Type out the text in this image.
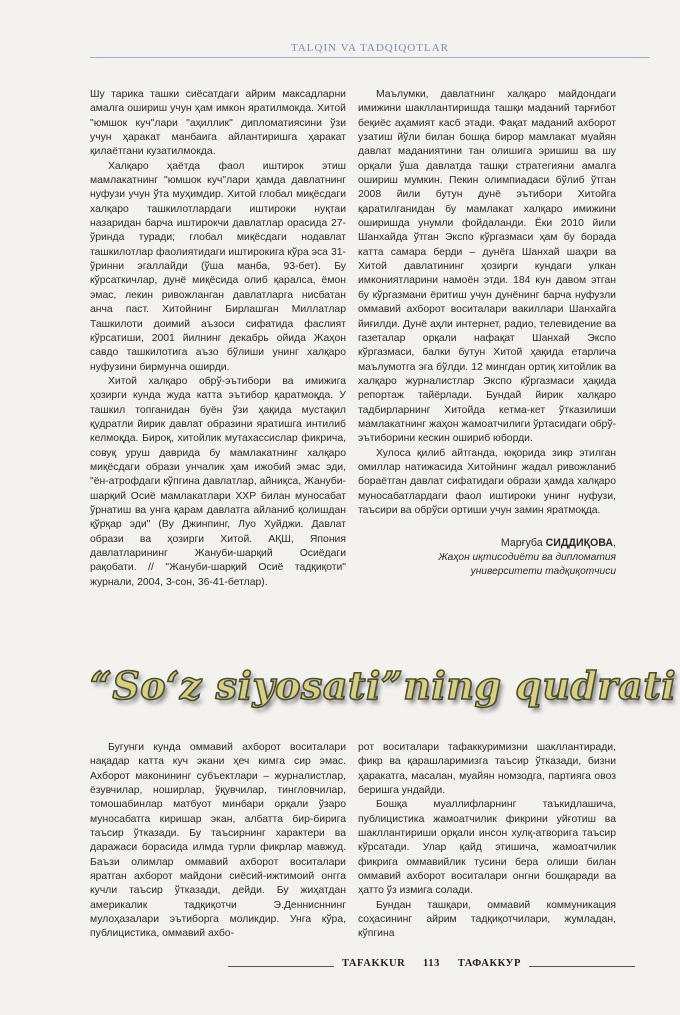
TALQIN VA TADQIQOTLAR

Шу тарика ташки сиёсатдаги айрим максадларни амалга ошириш учун ҳам имкон яратилмокда. Хитой "юмшок куч"лари "аҳиллик" дипломатиясини ўзи учун ҳаракат манбаига айлантиришга ҳаракат қилаётгани кузатилмокда.

Халқаро ҳаётда фаол иштирок этиш мамлакатнинг "юмшок куч"лари ҳамда давлатнинг нуфузи учун ўта муҳимдир. Хитой глобал миқёсдаги халқаро ташкилотлардаги иштироки нуқтаи назаридан барча иштирокчи давлатлар орасида 27-ўринда туради; глобал миқёсдаги нодавлат ташкилотлар фаолиятидаги иштирокига кўра эса 31-ўринни эгаллайди (ўша манба, 93-бет). Бу кўрсаткичлар, дунё миқёсида олиб қаралса, ёмон эмас, лекин ривожланган давлатларга нисбатан анча паст. Хитойнинг Бирлашган Миллатлар Ташкилоти доимий аъзоси сифатида фаслият кўрсатиши, 2001 йилнинг декабрь ойида Жаҳон савдо ташкилотига аъзо бўлиши унинг халқаро нуфузини бирмунча оширди.

Хитой халқаро обрў-эътибори ва имижига ҳозирги кунда жуда катта эътибор қаратмоқда. У ташкил топганидан буён ўзи ҳақида мустақил қудратли йирик давлат образини яратишга интилиб келмоқда. Бироқ, хитойлик мутахассислар фикрича, совуқ уруш даврида бу мамлакатнинг халқаро миқёсдаги образи унчалик ҳам ижобий эмас эди, "ён-атрофдаги кўпгина давлатлар, айниқса, Жануби-шарқий Осиё мамлакатлари ХХР билан муносабат ўрнатиш ва унга қарам давлатга айланиб қолишдан қўрқар эди" (Ву Джинпинг, Луо Хуйджи. Давлат образи ва ҳозирги Хитой. АҚШ, Япония давлатларининг Жануби-шарқий Осиёдаги рақобати. // "Жануби-шарқий Осиё тадқиқоти" журнали, 2004, 3-сон, 36-41-бетлар).

Маълумки, давлатнинг халқаро майдондаги имижини шакллантиришда ташқи маданий тарғибот беқиёс аҳамият касб этади. Фақат маданий ахборот узатиш йўли билан бошқа бирор мамлакат муайян давлат маданиятини тан олишига эришиш ва шу орқали ўша давлатда ташқи стратегияни амалга ошириш мумкин. Пекин олимпиадаси бўлиб ўтган 2008 йили бутун дунё эътибори Хитойга қаратилганидан бу мамлакат халқаро имижини оширишда унумли фойдаланди. Ёки 2010 йили Шанхайда ўтган Экспо кўргазмаси ҳам бу борада катта самара берди – дунёга Шанхай шаҳри ва Хитой давлатининг ҳозирги кундаги улкан имкониятларини намоён этди. 184 кун давом этган бу кўргазмани ёритиш учун дунёнинг барча нуфузли оммавий ахборот воситалари вакиллари Шанхайга йиғилди. Дунё аҳли интернет, радио, телевидение ва газеталар орқали нафақат Шанхай Экспо кўргазмаси, балки бутун Хитой ҳақида етарлича маълумотга эга бўлди. 12 мингдан ортиқ хитойлик ва халқаро журналистлар Экспо кўргазмаси ҳақида репортаж тайёрлади. Бундай йирик халқаро тадбирларнинг Хитойда кетма-кет ўтказилиши мамлакатнинг жаҳон жамоатчилиги ўртасидаги обрў-эътиборини кескин ошириб юборди.

Хулоса қилиб айтганда, юқорида зикр этилган омиллар натижасида Хитойнинг жадал ривожланиб бораётган давлат сифатидаги образи ҳамда халқаро муносабатлардаги фаол иштироки унинг нуфузи, таъсири ва обрўси ортиши учун замин яратмоқда.

Марғуба СИДДИҚОВА,
Жаҳон иқтисодиёти ва дипломатия
университети тадқиқотчиси
“So‘z siyosati”ning qudrati

Бугунги кунда оммавий ахборот воситалари нақадар катта куч экани ҳеч кимга сир эмас. Ахборот маконининг субъектлари – журналистлар, ёзувчилар, ноширлар, ўқувчилар, тингловчилар, томошабинлар матбуот минбари орқали ўзаро муносабатга киришар экан, албатта бир-бирига таъсир ўтказади. Бу таъсирнинг характери ва даражаси борасида илмда турли фикрлар мавжуд. Баъзи олимлар оммавий ахборот воситалари яратган ахборот майдони сиёсий-ижтимоий онгга кучли таъсир ўтказади, дейди. Бу жиҳатдан америкалик тадқиқотчи Э.Деннисннинг мулоҳазалари эътиборга моликдир. Унга кўра, публицистика, оммавий ахбо-

рот воситалари тафаккуримизни шакллантиради, фикр ва қарашларимизга таъсир ўтказади, бизни ҳаракатга, масалан, муайян номзодга, партияга овоз беришга ундайди.

Бошқа муаллифларнинг таъкидлашича, публицистика жамоатчилик фикрини уйғотиш ва шакллантириши орқали инсон хулқ-атворига таъсир кўрсатади. Улар қайд этишича, жамоатчилик фикрига оммавийлик тусини бера олиши билан оммавий ахборот воситалари онгни бошқаради ва ҳатто ўз измига солади.

Бундан ташқари, оммавий коммуникация соҳасининг айрим тадқиқотчилари, жумладан, кўпгина

TAFAKKUR 113 ТАФАККУР
